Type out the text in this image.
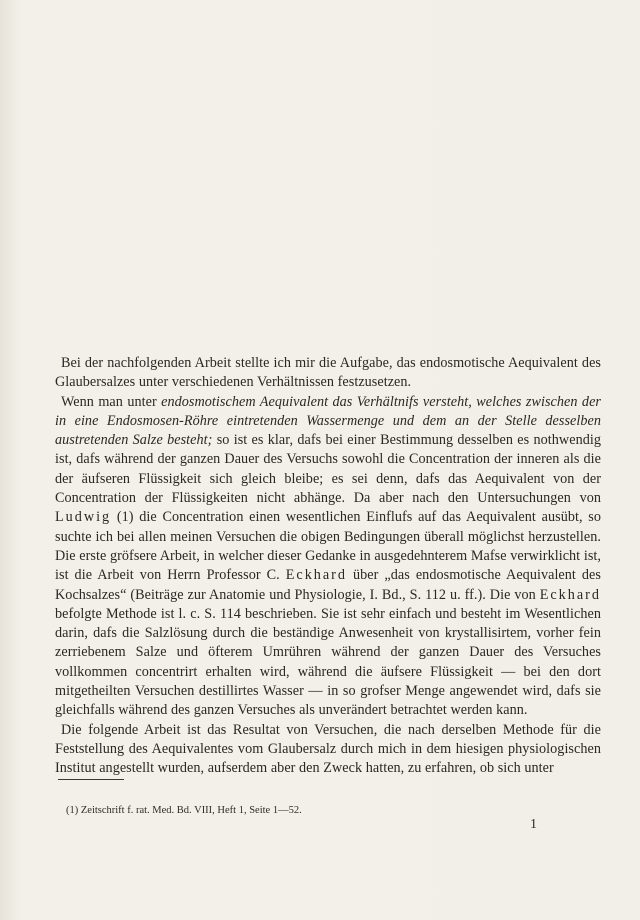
Bei der nachfolgenden Arbeit stellte ich mir die Aufgabe, das endosmotische Aequivalent des Glaubersalzes unter verschiedenen Verhältnissen festzusetzen.

Wenn man unter endosmotischem Aequivalent das Verhältnifs versteht, welches zwischen der in eine Endosmosen-Röhre eintretenden Wassermenge und dem an der Stelle desselben austretenden Salze besteht; so ist es klar, dafs bei einer Bestimmung desselben es nothwendig ist, dafs während der ganzen Dauer des Versuchs sowohl die Concentration der inneren als die der äufseren Flüssigkeit sich gleich bleibe; es sei denn, dafs das Aequivalent von der Concentration der Flüssigkeiten nicht abhänge. Da aber nach den Untersuchungen von Ludwig (1) die Concentration einen wesentlichen Einflufs auf das Aequivalent ausübt, so suchte ich bei allen meinen Versuchen die obigen Bedingungen überall möglichst herzustellen. Die erste gröfsere Arbeit, in welcher dieser Gedanke in ausgedehnterem Mafse verwirklicht ist, ist die Arbeit von Herrn Professor C. Eckhard über „das endosmotische Aequivalent des Kochsalzes“ (Beiträge zur Anatomie und Physiologie, I. Bd., S. 112 u. ff.). Die von Eckhard befolgte Methode ist l. c. S. 114 beschrieben. Sie ist sehr einfach und besteht im Wesentlichen darin, dafs die Salzlösung durch die beständige Anwesenheit von krystallisirtem, vorher fein zerriebenem Salze und öfterem Umrühren während der ganzen Dauer des Versuches vollkommen concentrirt erhalten wird, während die äufsere Flüssigkeit — bei den dort mitgetheilten Versuchen destillirtes Wasser — in so grofser Menge angewendet wird, dafs sie gleichfalls während des ganzen Versuches als unverändert betrachtet werden kann.

Die folgende Arbeit ist das Resultat von Versuchen, die nach derselben Methode für die Feststellung des Aequivalentes vom Glaubersalz durch mich in dem hiesigen physiologischen Institut angestellt wurden, aufserdem aber den Zweck hatten, zu erfahren, ob sich unter

(1) Zeitschrift f. rat. Med. Bd. VIII, Heft 1, Seite 1—52.
1
